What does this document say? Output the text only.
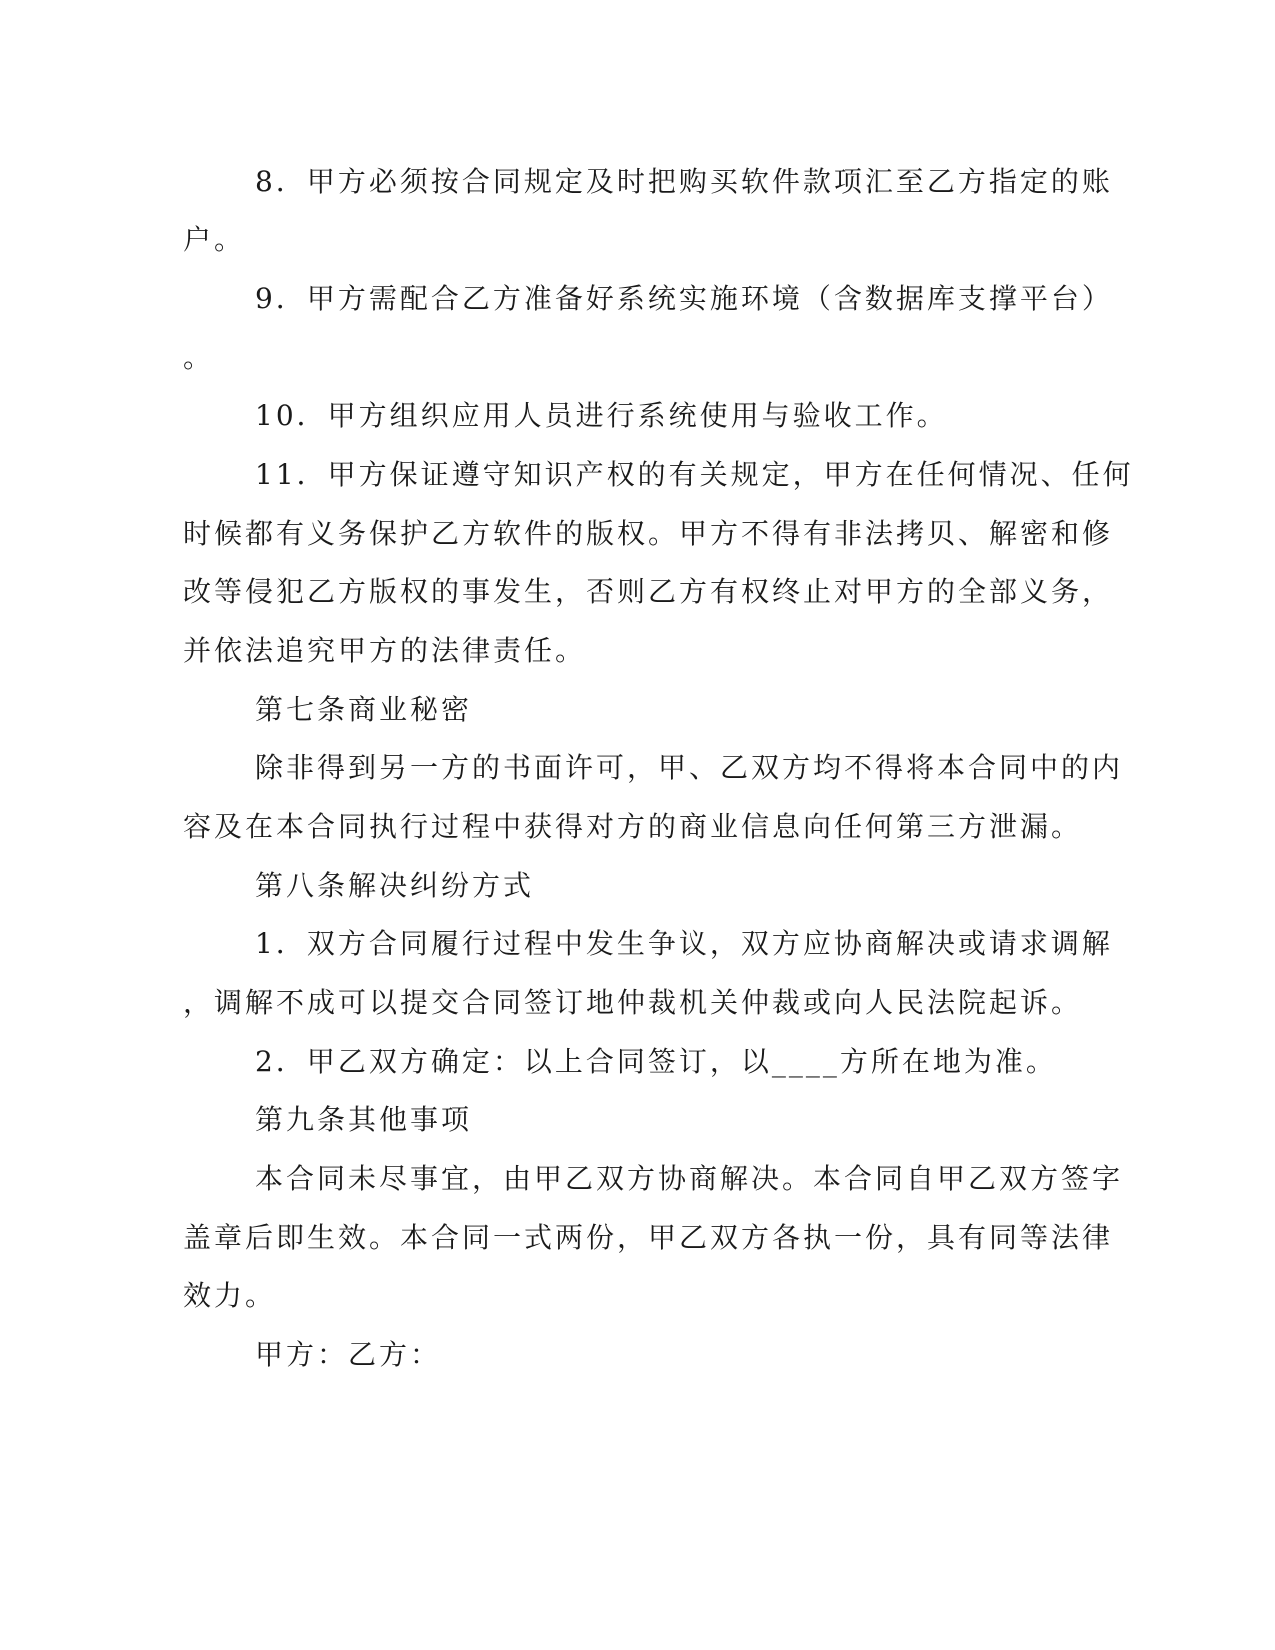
8．甲方必须按合同规定及时把购买软件款项汇至乙方指定的账
户。
9．甲方需配合乙方准备好系统实施环境（含数据库支撑平台）
。
10．甲方组织应用人员进行系统使用与验收工作。
11．甲方保证遵守知识产权的有关规定，甲方在任何情况、任何
时候都有义务保护乙方软件的版权。甲方不得有非法拷贝、解密和修
改等侵犯乙方版权的事发生，否则乙方有权终止对甲方的全部义务，
并依法追究甲方的法律责任。
第七条商业秘密
除非得到另一方的书面许可，甲、乙双方均不得将本合同中的内
容及在本合同执行过程中获得对方的商业信息向任何第三方泄漏。
第八条解决纠纷方式
1．双方合同履行过程中发生争议，双方应协商解决或请求调解
，调解不成可以提交合同签订地仲裁机关仲裁或向人民法院起诉。
2．甲乙双方确定：以上合同签订，以____方所在地为准。
第九条其他事项
本合同未尽事宜，由甲乙双方协商解决。本合同自甲乙双方签字
盖章后即生效。本合同一式两份，甲乙双方各执一份，具有同等法律
效力。
甲方：乙方：
